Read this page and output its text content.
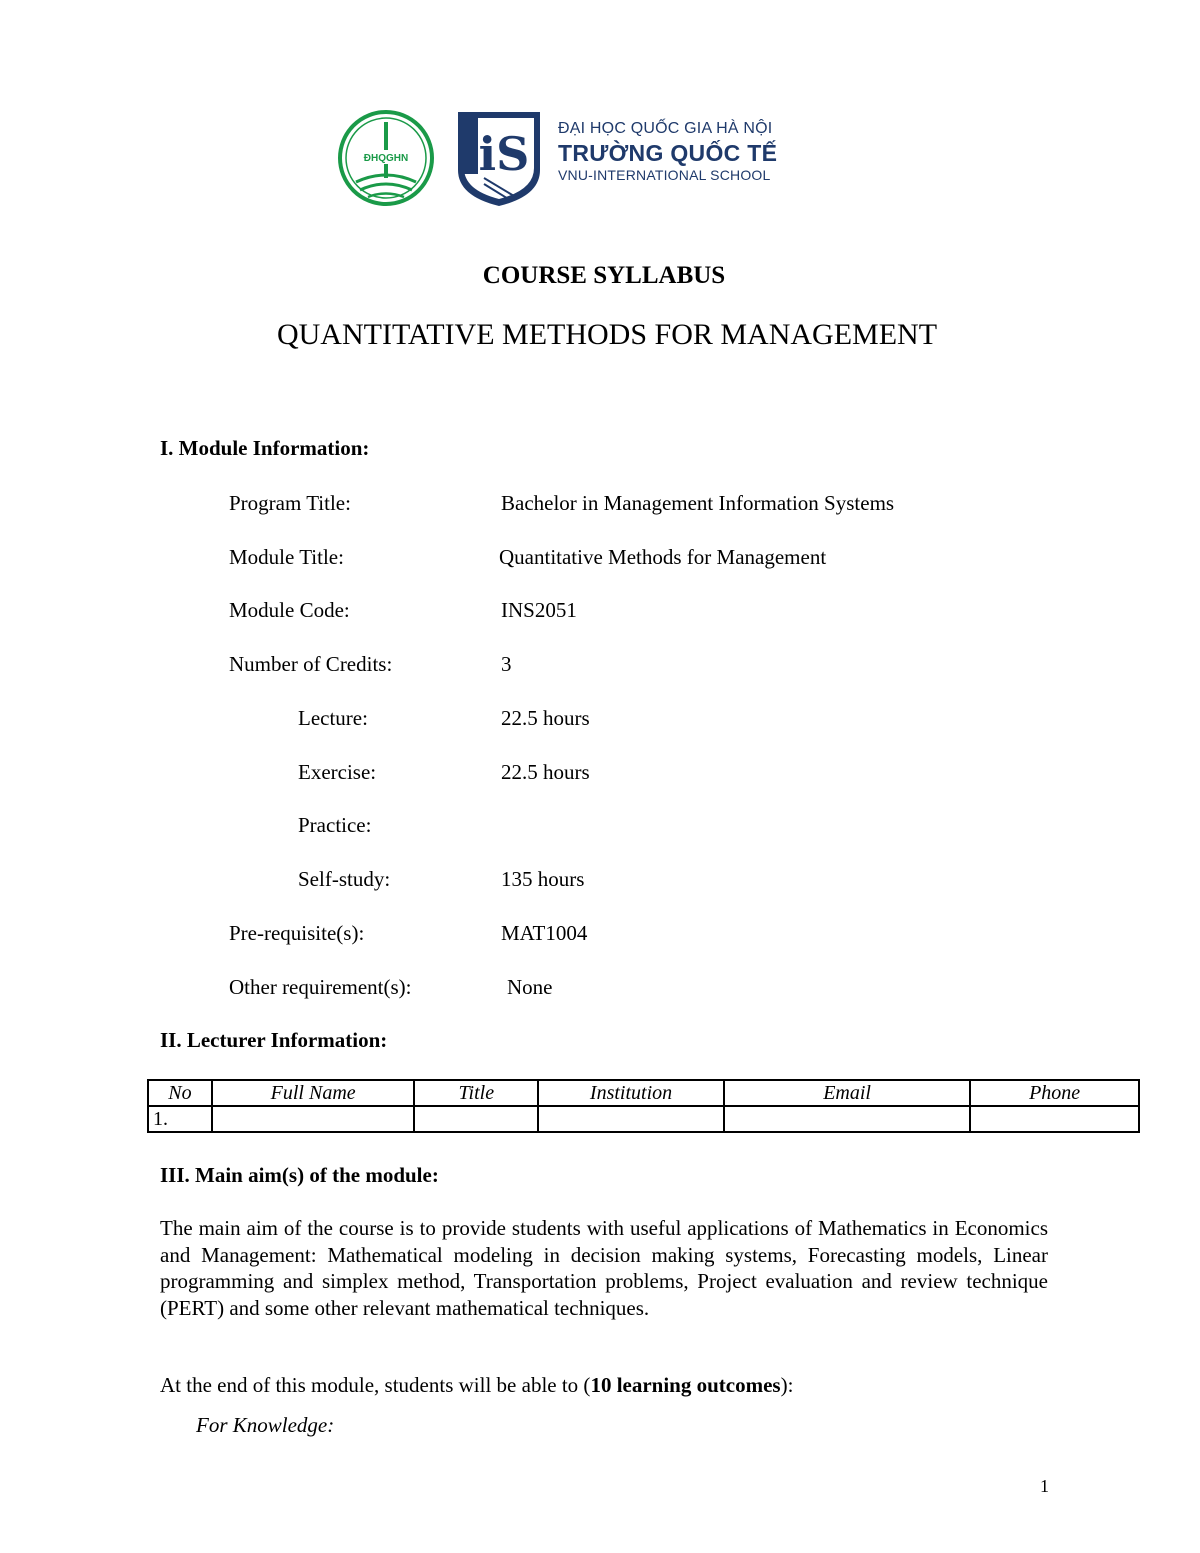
ĐHQGHN iS ĐẠI HỌC QUỐC GIA HÀ NỘI
TRƯỜNG QUỐC TẾ
VNU-INTERNATIONAL SCHOOL
COURSE SYLLABUS
QUANTITATIVE METHODS FOR MANAGEMENT
I. Module Information:
Program Title:	Bachelor in Management Information Systems
Module Title:	Quantitative Methods for Management
Module Code:	INS2051
Number of Credits:	3
Lecture:	22.5 hours
Exercise:	22.5 hours
Practice:
Self-study:	135 hours
Pre-requisite(s):	MAT1004
Other requirement(s):	None
II. Lecturer Information:
No	Full Name	Title	Institution	Email	Phone
1.					
III. Main aim(s) of the module:
The main aim of the course is to provide students with useful applications of Mathematics in Economics and Management: Mathematical modeling in decision making systems, Forecasting models, Linear programming and simplex method, Transportation problems, Project evaluation and review technique (PERT) and some other relevant mathematical techniques.
At the end of this module, students will be able to (10 learning outcomes):
For Knowledge:
1
